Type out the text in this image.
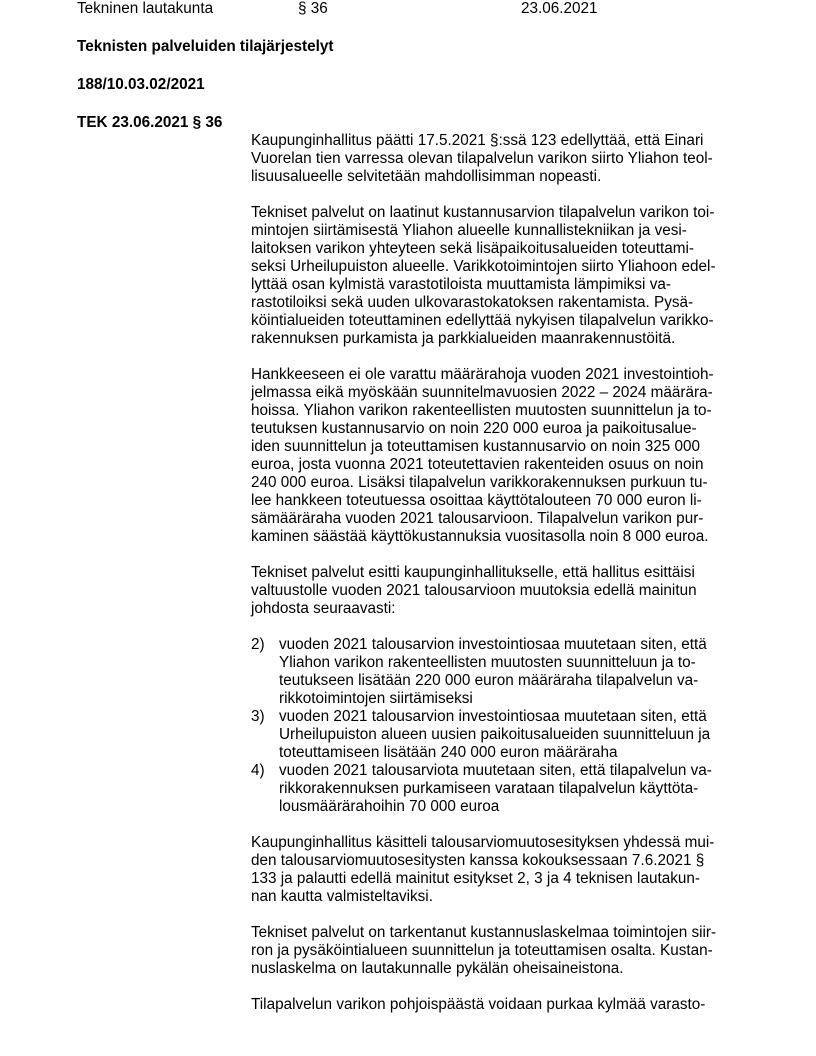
Tekninen lautakunta	§ 36	23.06.2021
Teknisten palveluiden tilajärjestelyt
188/10.03.02/2021
TEK 23.06.2021 § 36
Kaupunginhallitus päätti 17.5.2021 §:ssä 123 edellyttää, että Einari
Vuorelan tien varressa olevan tilapalvelun varikon siirto Yliahon teol-
lisuusalueelle selvitetään mahdollisimman nopeasti.
Tekniset palvelut on laatinut kustannusarvion tilapalvelun varikon toi-
mintojen siirtämisestä Yliahon alueelle kunnallistekniikan ja vesi-
laitoksen varikon yhteyteen sekä lisäpaikoitusalueiden toteuttami-
seksi Urheilupuiston alueelle. Varikkotoimintojen siirto Yliahoon edel-
lyttää osan kylmistä varastotiloista muuttamista lämpimiksi va-
rastotiloiksi sekä uuden ulkovarastokatoksen rakentamista. Pysä-
köintialueiden toteuttaminen edellyttää nykyisen tilapalvelun varikko-
rakennuksen purkamista ja parkkialueiden maanrakennustöitä.
Hankkeeseen ei ole varattu määrärahoja vuoden 2021 investointioh-
jelmassa eikä myöskään suunnitelmavuosien 2022 – 2024 määrära-
hoissa. Yliahon varikon rakenteellisten muutosten suunnittelun ja to-
teutuksen kustannusarvio on noin 220 000 euroa ja paikoitusalue-
iden suunnittelun ja toteuttamisen kustannusarvio on noin 325 000
euroa, josta vuonna 2021 toteutettavien rakenteiden osuus on noin
240 000 euroa. Lisäksi tilapalvelun varikkorakennuksen purkuun tu-
lee hankkeen toteutuessa osoittaa käyttötalouteen 70 000 euron li-
sämääräraha vuoden 2021 talousarvioon. Tilapalvelun varikon pur-
kaminen säästää käyttökustannuksia vuositasolla noin 8 000 euroa.
Tekniset palvelut esitti kaupunginhallitukselle, että hallitus esittäisi
valtuustolle vuoden 2021 talousarvioon muutoksia edellä mainitun
johdosta seuraavasti:
2) vuoden 2021 talousarvion investointiosaa muutetaan siten, että
Yliahon varikon rakenteellisten muutosten suunnitteluun ja to-
teutukseen lisätään 220 000 euron määräraha tilapalvelun va-
rikkotoimintojen siirtämiseksi
3) vuoden 2021 talousarvion investointiosaa muutetaan siten, että
Urheilupuiston alueen uusien paikoitusalueiden suunnitteluun ja
toteuttamiseen lisätään 240 000 euron määräraha
4) vuoden 2021 talousarviota muutetaan siten, että tilapalvelun va-
rikkorakennuksen purkamiseen varataan tilapalvelun käyttöta-
lousmäärärahoihin 70 000 euroa
Kaupunginhallitus käsitteli talousarviomuutosesityksen yhdessä mui-
den talousarviomuutosesitysten kanssa kokouksessaan 7.6.2021 §
133 ja palautti edellä mainitut esitykset 2, 3 ja 4 teknisen lautakun-
nan kautta valmisteltaviksi.
Tekniset palvelut on tarkentanut kustannuslaskelmaa toimintojen siir-
ron ja pysäköintialueen suunnittelun ja toteuttamisen osalta. Kustan-
nuslaskelma on lautakunnalle pykälän oheisaineistona.
Tilapalvelun varikon pohjoispäästä voidaan purkaa kylmää varasto-
